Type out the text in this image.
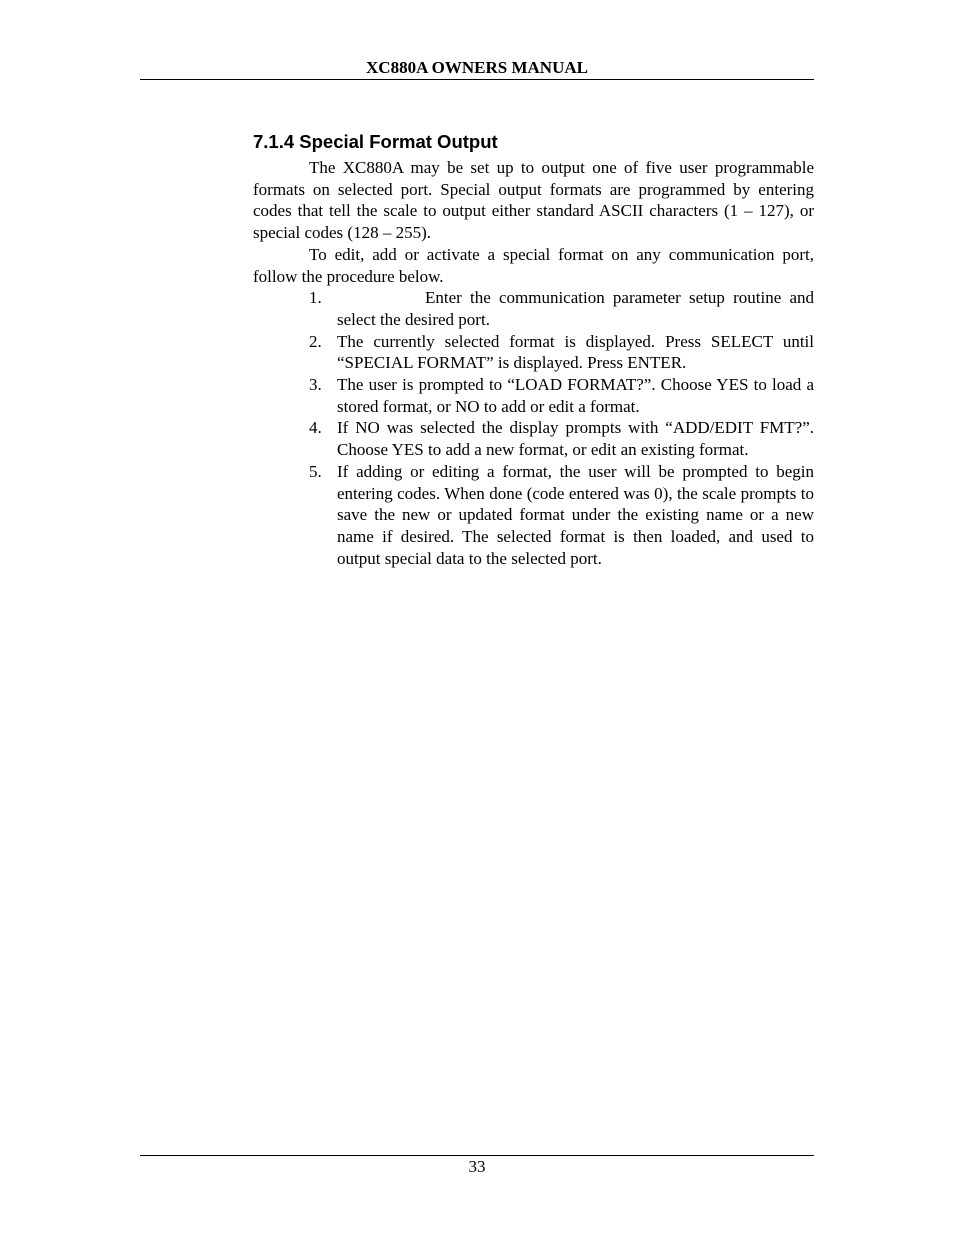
XC880A OWNERS MANUAL
7.1.4 Special Format Output

The XC880A may be set up to output one of five user programmable formats on selected port. Special output formats are programmed by entering codes that tell the scale to output either standard ASCII characters (1 – 127), or special codes (128 – 255).

To edit, add or activate a special format on any communication port, follow the procedure below.

1.	Enter the communication parameter setup routine and select the desired port.
2. The currently selected format is displayed. Press SELECT until “SPECIAL FORMAT” is displayed. Press ENTER.
3. The user is prompted to “LOAD FORMAT?”. Choose YES to load a stored format, or NO to add or edit a format.
4. If NO was selected the display prompts with “ADD/EDIT FMT?”. Choose YES to add a new format, or edit an existing format.
5. If adding or editing a format, the user will be prompted to begin entering codes. When done (code entered was 0), the scale prompts to save the new or updated format under the existing name or a new name if desired. The selected format is then loaded, and used to output special data to the selected port.
33
